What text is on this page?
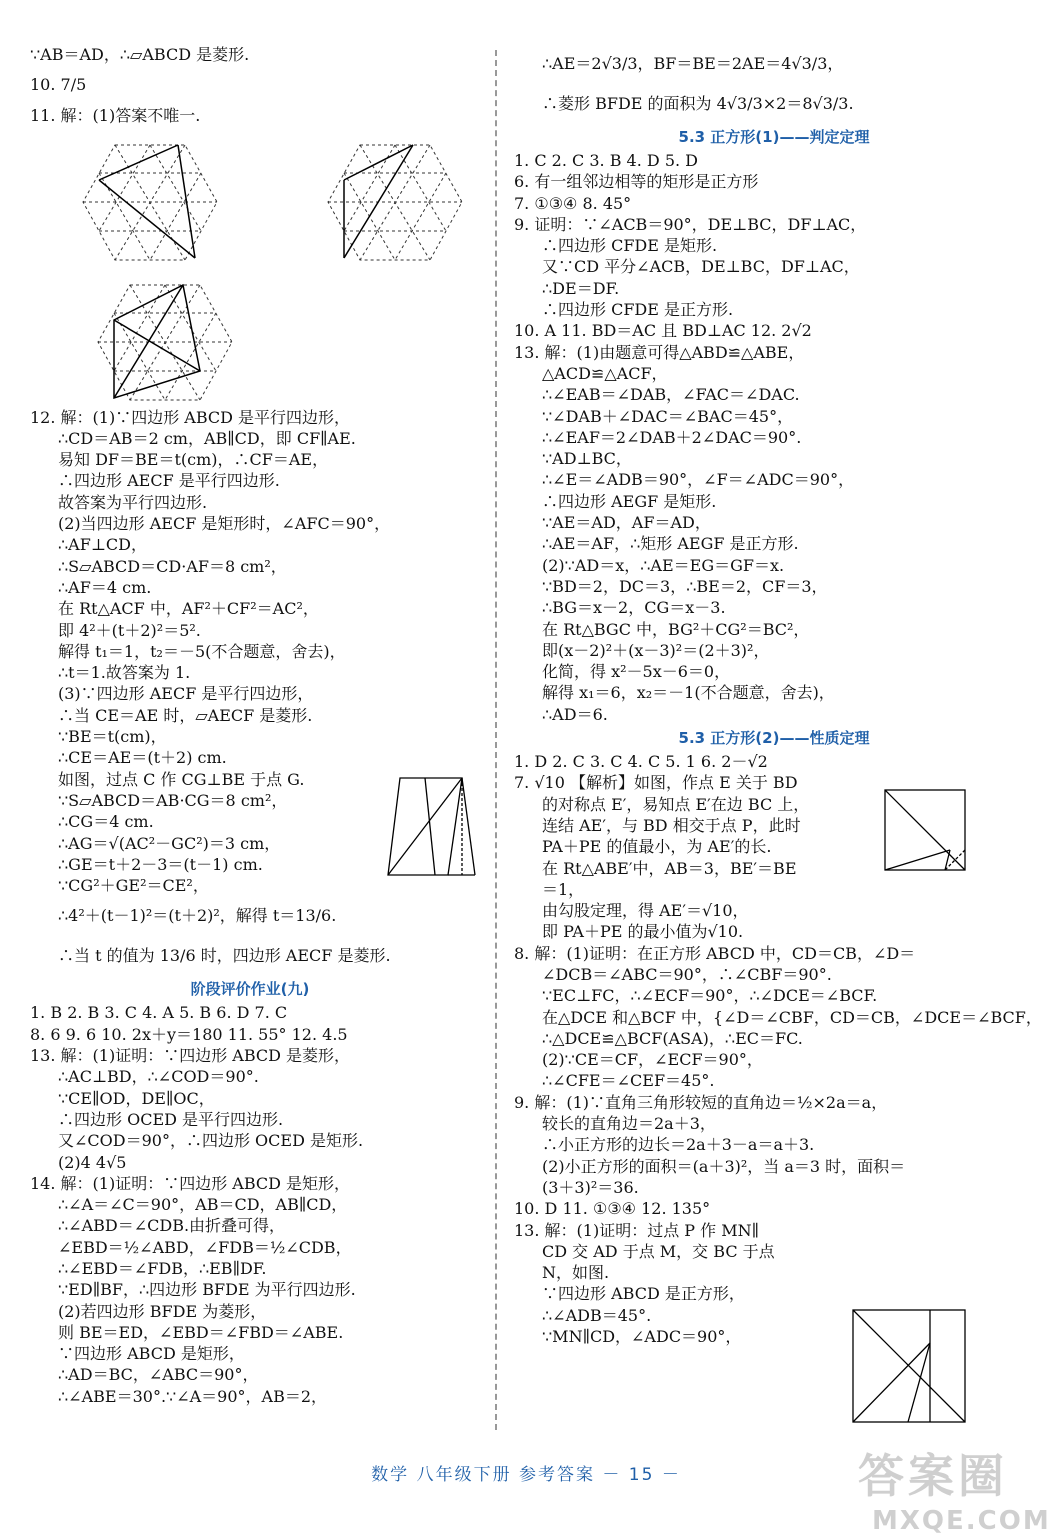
∵AB＝AD，∴▱ABCD 是菱形.
10. 7/5
11. 解：(1)答案不唯一.
12. 解：(1)∵四边形 ABCD 是平行四边形，
∴CD＝AB＝2 cm，AB∥CD，即 CF∥AE.
易知 DF＝BE＝t(cm)，∴CF＝AE，
∴四边形 AECF 是平行四边形.
故答案为平行四边形.
(2)当四边形 AECF 是矩形时，∠AFC＝90°，
∴AF⊥CD，
∴S▱ABCD＝CD·AF＝8 cm²，
∴AF＝4 cm.
在 Rt△ACF 中，AF²＋CF²＝AC²，
即 4²＋(t＋2)²＝5².
解得 t₁＝1，t₂＝－5(不合题意，舍去)，
∴t＝1.故答案为 1.
(3)∵四边形 AECF 是平行四边形，
∴当 CE＝AE 时，▱AECF 是菱形.
∵BE＝t(cm)，
∴CE＝AE＝(t＋2) cm.
如图，过点 C 作 CG⊥BE 于点 G.
∵S▱ABCD＝AB·CG＝8 cm²，
∴CG＝4 cm.
∴AG＝√(AC²－GC²)＝3 cm，
∴GE＝t＋2－3＝(t－1) cm.
∵CG²＋GE²＝CE²，
∴4²＋(t－1)²＝(t＋2)²，解得 t＝13/6.
∴当 t 的值为 13/6 时，四边形 AECF 是菱形.
阶段评价作业(九)
1. B 2. B 3. C 4. A 5. B 6. D 7. C
8. 6 9. 6 10. 2x＋y＝180 11. 55° 12. 4.5
13. 解：(1)证明：∵四边形 ABCD 是菱形，
∴AC⊥BD，∴∠COD＝90°.
∵CE∥OD，DE∥OC，
∴四边形 OCED 是平行四边形.
又∠COD＝90°，∴四边形 OCED 是矩形.
(2)4 4√5
14. 解：(1)证明：∵四边形 ABCD 是矩形，
∴∠A＝∠C＝90°，AB＝CD，AB∥CD，
∴∠ABD＝∠CDB.由折叠可得，
∠EBD＝½∠ABD，∠FDB＝½∠CDB，
∴∠EBD＝∠FDB，∴EB∥DF.
∵ED∥BF，∴四边形 BFDE 为平行四边形.
(2)若四边形 BFDE 为菱形，
则 BE＝ED，∠EBD＝∠FBD＝∠ABE.
∵四边形 ABCD 是矩形，
∴AD＝BC，∠ABC＝90°，
∴∠ABE＝30°.∵∠A＝90°，AB＝2，
∴AE＝2√3/3，BF＝BE＝2AE＝4√3/3，
∴菱形 BFDE 的面积为 4√3/3×2＝8√3/3.
5.3 正方形(1)——判定定理
1. C 2. C 3. B 4. D 5. D
6. 有一组邻边相等的矩形是正方形
7. ①③④ 8. 45°
9. 证明：∵∠ACB＝90°，DE⊥BC，DF⊥AC，
∴四边形 CFDE 是矩形.
又∵CD 平分∠ACB，DE⊥BC，DF⊥AC，
∴DE＝DF.
∴四边形 CFDE 是正方形.
10. A 11. BD＝AC 且 BD⊥AC 12. 2√2
13. 解：(1)由题意可得△ABD≌△ABE，
△ACD≌△ACF，
∴∠EAB＝∠DAB，∠FAC＝∠DAC.
∵∠DAB＋∠DAC＝∠BAC＝45°，
∴∠EAF＝2∠DAB＋2∠DAC＝90°.
∵AD⊥BC，
∴∠E＝∠ADB＝90°，∠F＝∠ADC＝90°，
∴四边形 AEGF 是矩形.
∵AE＝AD，AF＝AD，
∴AE＝AF，∴矩形 AEGF 是正方形.
(2)∵AD＝x，∴AE＝EG＝GF＝x.
∵BD＝2，DC＝3，∴BE＝2，CF＝3，
∴BG＝x－2，CG＝x－3.
在 Rt△BGC 中，BG²＋CG²＝BC²，
即(x－2)²＋(x－3)²＝(2＋3)²，
化简，得 x²－5x－6＝0，
解得 x₁＝6，x₂＝－1(不合题意，舍去)，
∴AD＝6.
5.3 正方形(2)——性质定理
1. D 2. C 3. C 4. C 5. 1 6. 2－√2
7. √10 【解析】如图，作点 E 关于 BD
的对称点 E′，易知点 E′在边 BC 上，
连结 AE′，与 BD 相交于点 P，此时
PA＋PE 的值最小，为 AE′的长.
在 Rt△ABE′中，AB＝3，BE′＝BE
＝1，
由勾股定理，得 AE′＝√10，
即 PA＋PE 的最小值为√10.
8. 解：(1)证明：在正方形 ABCD 中，CD＝CB，∠D＝
∠DCB＝∠ABC＝90°，∴∠CBF＝90°.
∵EC⊥FC，∴∠ECF＝90°，∴∠DCE＝∠BCF.
在△DCE 和△BCF 中，{∠D＝∠CBF，CD＝CB，∠DCE＝∠BCF，
∴△DCE≌△BCF(ASA)，∴EC＝FC.
(2)∵CE＝CF，∠ECF＝90°，
∴∠CFE＝∠CEF＝45°.
9. 解：(1)∵直角三角形较短的直角边＝½×2a＝a，
较长的直角边＝2a＋3，
∴小正方形的边长＝2a＋3－a＝a＋3.
(2)小正方形的面积＝(a＋3)²，当 a＝3 时，面积＝
(3＋3)²＝36.
10. D 11. ①③④ 12. 135°
13. 解：(1)证明：过点 P 作 MN∥
CD 交 AD 于点 M，交 BC 于点
N，如图.
∵四边形 ABCD 是正方形，
∴∠ADB＝45°.
∵MN∥CD，∠ADC＝90°，
数学 八年级下册 参考答案 － 15 －	答案圈
MXQE.COM
